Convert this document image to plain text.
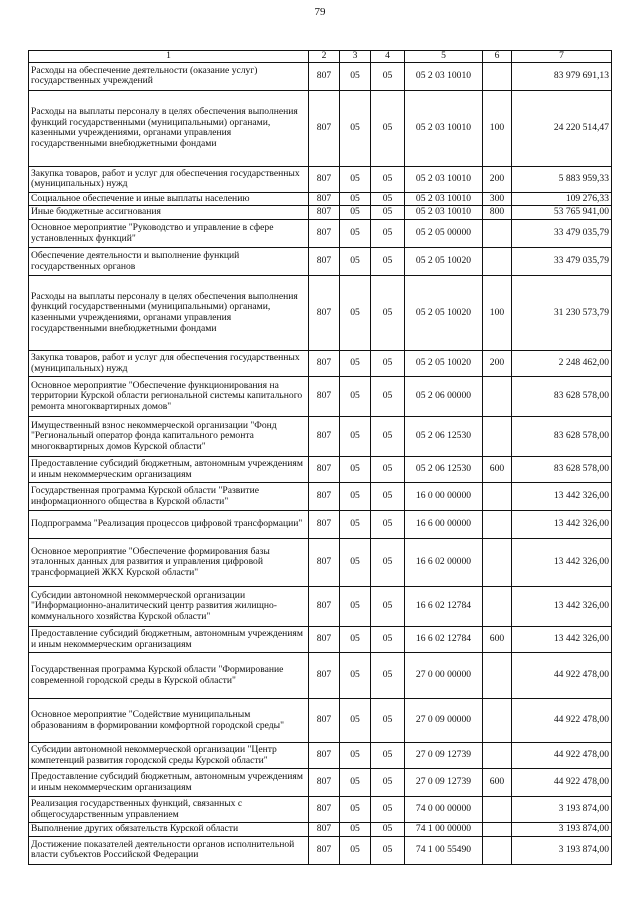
79
1	2	3	4	5	6	7
Расходы на обеспечение деятельности (оказание услуг) государственных учреждений	807	05	05	05 2 03 10010		83 979 691,13
Расходы на выплаты персоналу в целях обеспечения выполнения функций государственными (муниципальными) органами, казенными учреждениями, органами управления государственными внебюджетными фондами	807	05	05	05 2 03 10010	100	24 220 514,47
Закупка товаров, работ и услуг для обеспечения государственных (муниципальных) нужд	807	05	05	05 2 03 10010	200	5 883 959,33
Социальное обеспечение и иные выплаты населению	807	05	05	05 2 03 10010	300	109 276,33
Иные бюджетные ассигнования	807	05	05	05 2 03 10010	800	53 765 941,00
Основное мероприятие "Руководство и управление в сфере установленных функций"	807	05	05	05 2 05 00000		33 479 035,79
Обеспечение деятельности и выполнение функций государственных органов	807	05	05	05 2 05 10020		33 479 035,79
Расходы на выплаты персоналу в целях обеспечения выполнения функций государственными (муниципальными) органами, казенными учреждениями, органами управления государственными внебюджетными фондами	807	05	05	05 2 05 10020	100	31 230 573,79
Закупка товаров, работ и услуг для обеспечения государственных (муниципальных) нужд	807	05	05	05 2 05 10020	200	2 248 462,00
Основное мероприятие "Обеспечение функционирования на территории Курской области региональной системы капитального ремонта многоквартирных домов"	807	05	05	05 2 06 00000		83 628 578,00
Имущественный взнос некоммерческой организации "Фонд "Региональный оператор фонда капитального ремонта многоквартирных домов Курской области"	807	05	05	05 2 06 12530		83 628 578,00
Предоставление субсидий бюджетным, автономным учреждениям и иным некоммерческим организациям	807	05	05	05 2 06 12530	600	83 628 578,00
Государственная программа Курской области "Развитие информационного общества в Курской области"	807	05	05	16 0 00 00000		13 442 326,00
Подпрограмма "Реализация процессов цифровой трансформации"	807	05	05	16 6 00 00000		13 442 326,00
Основное мероприятие "Обеспечение формирования базы эталонных данных для развития и управления цифровой трансформацией ЖКХ Курской области"	807	05	05	16 6 02 00000		13 442 326,00
Субсидии автономной некоммерческой организации "Информационно-аналитический центр развития жилищно-коммунального хозяйства Курской области"	807	05	05	16 6 02 12784		13 442 326,00
Предоставление субсидий бюджетным, автономным учреждениям и иным некоммерческим организациям	807	05	05	16 6 02 12784	600	13 442 326,00
Государственная программа Курской области "Формирование современной городской среды в Курской области"	807	05	05	27 0 00 00000		44 922 478,00
Основное мероприятие "Содействие муниципальным образованиям в формировании комфортной городской среды"	807	05	05	27 0 09 00000		44 922 478,00
Субсидии автономной некоммерческой организации "Центр компетенций развития городской среды Курской области"	807	05	05	27 0 09 12739		44 922 478,00
Предоставление субсидий бюджетным, автономным учреждениям и иным некоммерческим организациям	807	05	05	27 0 09 12739	600	44 922 478,00
Реализация государственных функций, связанных с общегосударственным управлением	807	05	05	74 0 00 00000		3 193 874,00
Выполнение других обязательств Курской области	807	05	05	74 1 00 00000		3 193 874,00
Достижение показателей деятельности органов исполнительной власти субъектов Российской Федерации	807	05	05	74 1 00 55490		3 193 874,00
